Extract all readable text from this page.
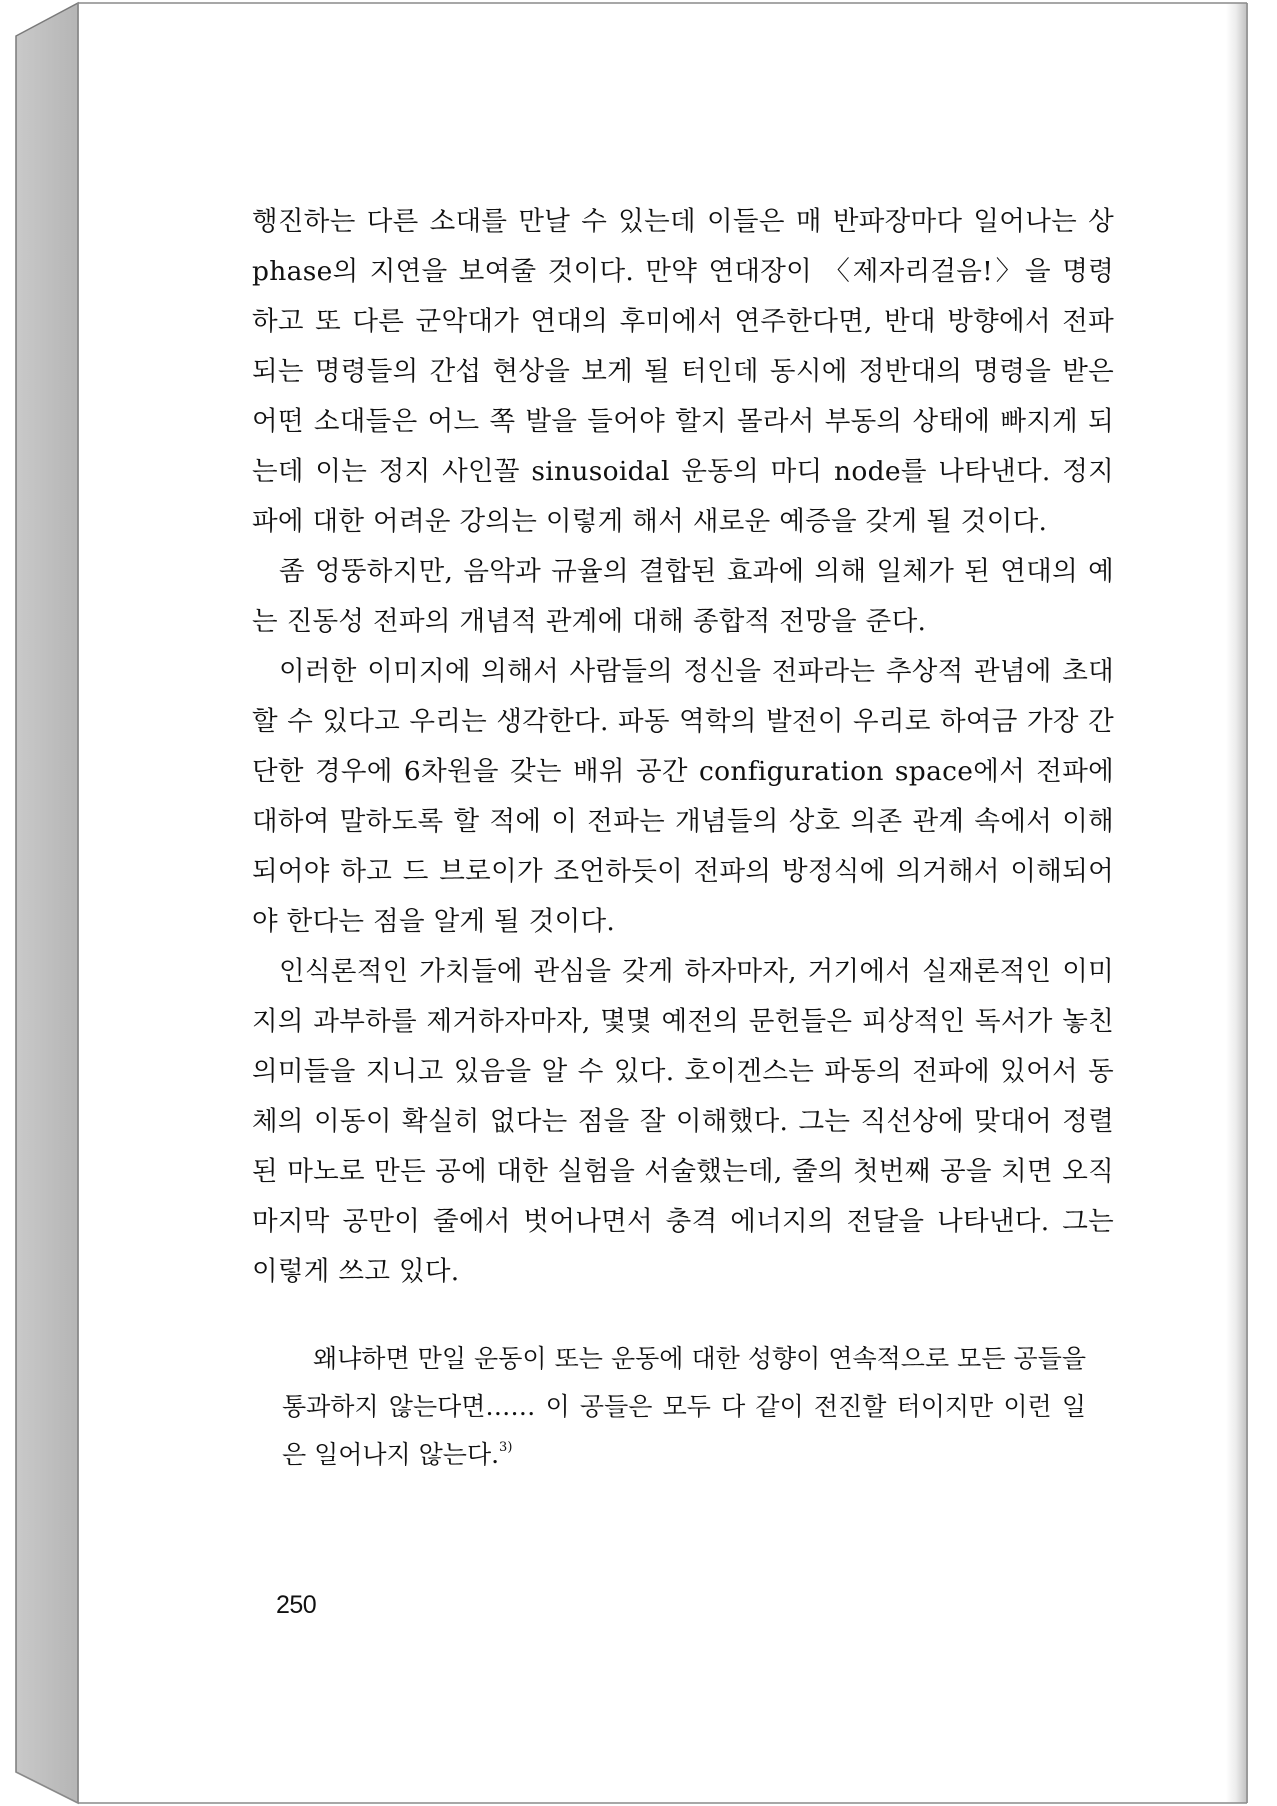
행진하는 다른 소대를 만날 수 있는데 이들은 매 반파장마다 일어나는 상 phase의 지연을 보여줄 것이다. 만약 연대장이 〈제자리걸음!〉을 명령하고 또 다른 군악대가 연대의 후미에서 연주한다면, 반대 방향에서 전파되는 명령들의 간섭 현상을 보게 될 터인데 동시에 정반대의 명령을 받은 어떤 소대들은 어느 쪽 발을 들어야 할지 몰라서 부동의 상태에 빠지게 되는데 이는 정지 사인꼴 sinusoidal 운동의 마디 node를 나타낸다. 정지파에 대한 어려운 강의는 이렇게 해서 새로운 예증을 갖게 될 것이다.

좀 엉뚱하지만, 음악과 규율의 결합된 효과에 의해 일체가 된 연대의 예는 진동성 전파의 개념적 관계에 대해 종합적 전망을 준다.

이러한 이미지에 의해서 사람들의 정신을 전파라는 추상적 관념에 초대할 수 있다고 우리는 생각한다. 파동 역학의 발전이 우리로 하여금 가장 간단한 경우에 6차원을 갖는 배위 공간 configuration space에서 전파에 대하여 말하도록 할 적에 이 전파는 개념들의 상호 의존 관계 속에서 이해되어야 하고 드 브로이가 조언하듯이 전파의 방정식에 의거해서 이해되어야 한다는 점을 알게 될 것이다.

인식론적인 가치들에 관심을 갖게 하자마자, 거기에서 실재론적인 이미지의 과부하를 제거하자마자, 몇몇 예전의 문헌들은 피상적인 독서가 놓친 의미들을 지니고 있음을 알 수 있다. 호이겐스는 파동의 전파에 있어서 동체의 이동이 확실히 없다는 점을 잘 이해했다. 그는 직선상에 맞대어 정렬된 마노로 만든 공에 대한 실험을 서술했는데, 줄의 첫번째 공을 치면 오직 마지막 공만이 줄에서 벗어나면서 충격 에너지의 전달을 나타낸다. 그는 이렇게 쓰고 있다.

왜냐하면 만일 운동이 또는 운동에 대한 성향이 연속적으로 모든 공들을 통과하지 않는다면…… 이 공들은 모두 다 같이 전진할 터이지만 이런 일은 일어나지 않는다.$^{3)}$

250
